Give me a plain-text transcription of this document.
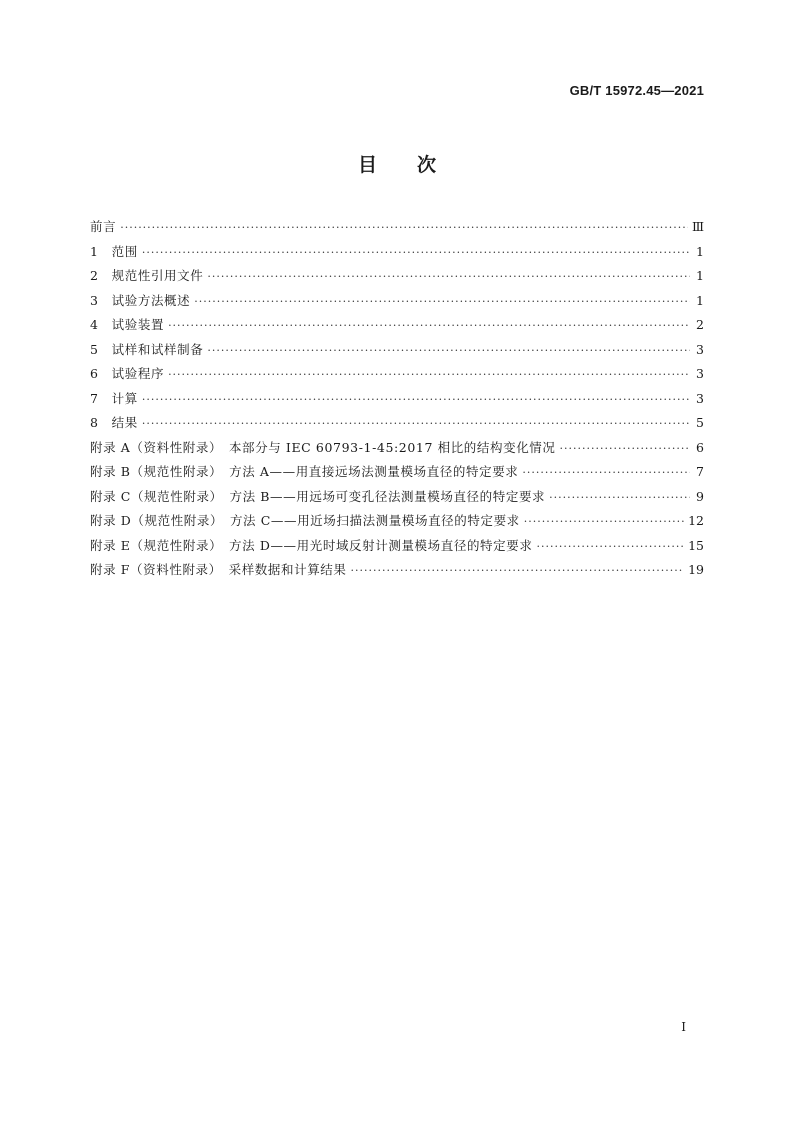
GB/T 15972.45—2021
目次
前言 ·····	Ⅲ
1　范围 ·····	1
2　规范性引用文件 ·····	1
3　试验方法概述 ·····	1
4　试验装置 ·····	2
5　试样和试样制备 ·····	3
6　试验程序 ·····	3
7　计算 ·····	3
8　结果 ·····	5
附录 A（资料性附录）　本部分与 IEC 60793-1-45:2017 相比的结构变化情况 ·····	6
附录 B（规范性附录）　方法 A——用直接远场法测量模场直径的特定要求 ·····	7
附录 C（规范性附录）　方法 B——用远场可变孔径法测量模场直径的特定要求 ·····	9
附录 D（规范性附录）　方法 C——用近场扫描法测量模场直径的特定要求 ·····	12
附录 E（规范性附录）　方法 D——用光时域反射计测量模场直径的特定要求 ·····	15
附录 F（资料性附录）　采样数据和计算结果 ·····	19
I
